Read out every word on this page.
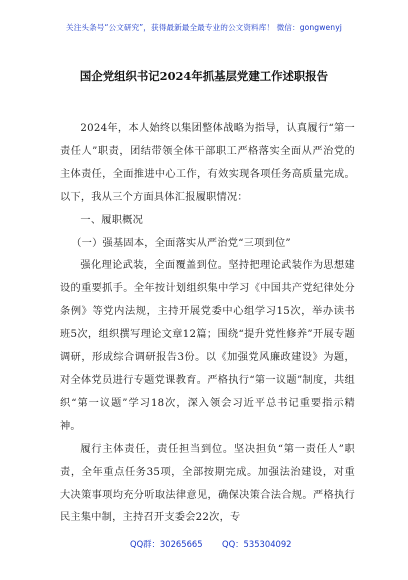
关注头条号“公文研究”，获得最新最全最专业的公文资料库！ 微信：gongwenyj
国企党组织书记2024年抓基层党建工作述职报告

2024年，本人始终以集团整体战略为指导，认真履行“第一责任人”职责，团结带领全体干部职工严格落实全面从严治党的主体责任，全面推进中心工作，有效实现各项任务高质量完成。以下，我从三个方面具体汇报履职情况：

一、履职概况

（一）强基固本，全面落实从严治党“三项到位”

强化理论武装，全面覆盖到位。坚持把理论武装作为思想建设的重要抓手。全年按计划组织集中学习《中国共产党纪律处分条例》等党内法规，主持开展党委中心组学习15次，举办读书班5次，组织撰写理论文章12篇；围绕“提升党性修养”开展专题调研，形成综合调研报告3份。以《加强党风廉政建设》为题，对全体党员进行专题党课教育。严格执行“第一议题”制度，共组织“第一议题”学习18次，深入领会习近平总书记重要指示精神。

履行主体责任，责任担当到位。坚决担负“第一责任人”职责，全年重点任务35项，全部按期完成。加强法治建设，对重大决策事项均充分听取法律意见，确保决策合法合规。严格执行民主集中制，主持召开支委会22次，专

QQ群：30265665 QQ：535304092
